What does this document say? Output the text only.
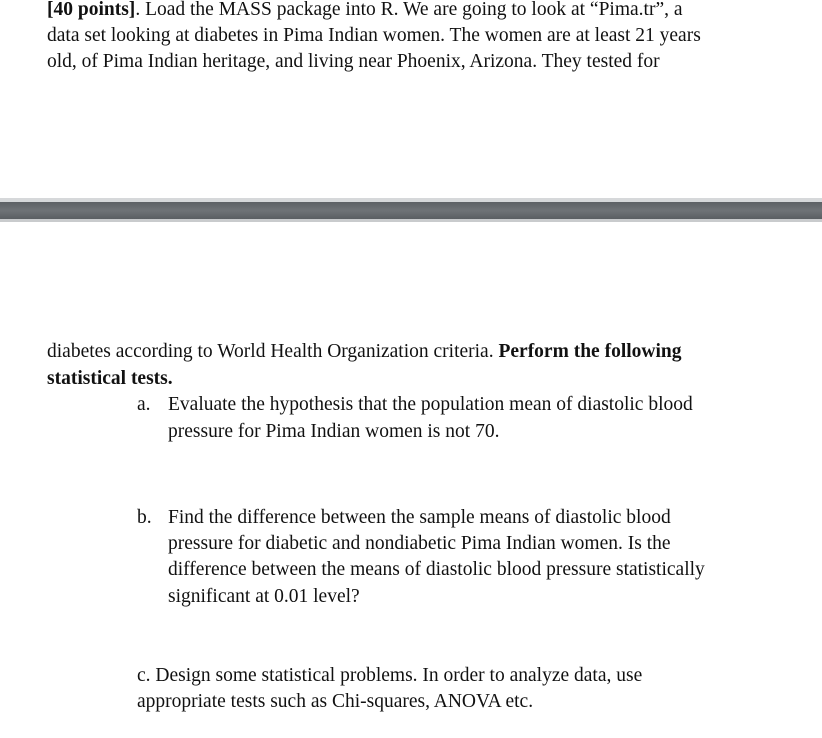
[40 points]. Load the MASS package into R. We are going to look at “Pima.tr”, a
data set looking at diabetes in Pima Indian women. The women are at least 21 years
old, of Pima Indian heritage, and living near Phoenix, Arizona. They tested for
diabetes according to World Health Organization criteria. Perform the following
statistical tests.
a. Evaluate the hypothesis that the population mean of diastolic blood
pressure for Pima Indian women is not 70.
b. Find the difference between the sample means of diastolic blood
pressure for diabetic and nondiabetic Pima Indian women. Is the
difference between the means of diastolic blood pressure statistically
significant at 0.01 level?
c. Design some statistical problems. In order to analyze data, use
appropriate tests such as Chi-squares, ANOVA etc.
